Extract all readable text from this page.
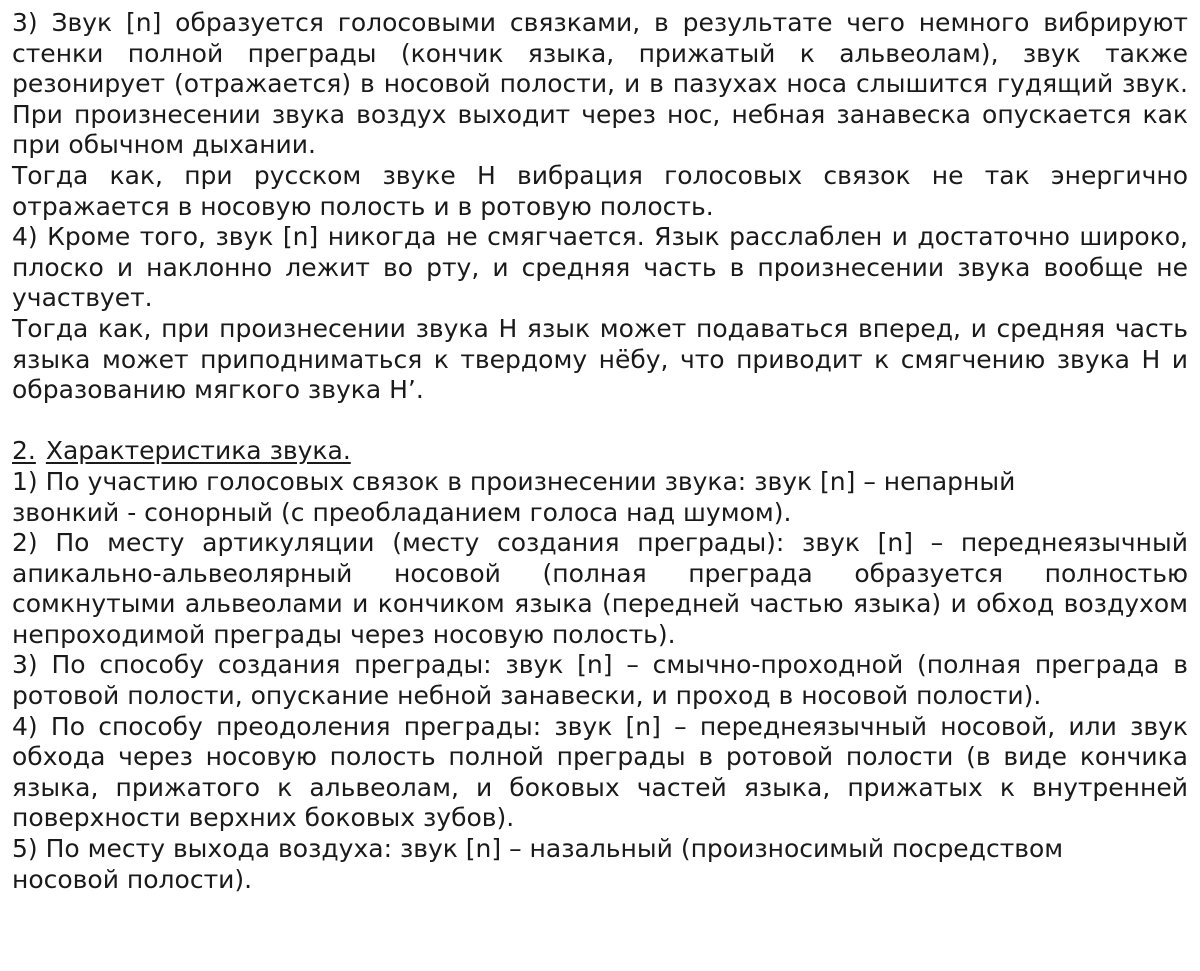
3) Звук [n] образуется голосовыми связками, в результате чего немного вибрируют стенки полной преграды (кончик языка, прижатый к альвеолам), звук также резонирует (отражается) в носовой полости, и в пазухах носа слышится гудящий звук. При произнесении звука воздух выходит через нос, небная занавеска опускается как при обычном дыхании.

Тогда как, при русском звуке Н вибрация голосовых связок не так энергично отражается в носовую полость и в ротовую полость.

4) Кроме того, звук [n] никогда не смягчается. Язык расслаблен и достаточно широко, плоско и наклонно лежит во рту, и средняя часть в произнесении звука вообще не участвует.

Тогда как, при произнесении звука Н язык может подаваться вперед, и средняя часть языка может приподниматься к твердому нёбу, что приводит к смягчению звука Н и образованию мягкого звука Н’.

2. Характеристика звука.

1) По участию голосовых связок в произнесении звука: звук [n] – непарный звонкий - сонорный (с преобладанием голоса над шумом).

2) По месту артикуляции (месту создания преграды): звук [n] – переднеязычный апикально-альвеолярный носовой (полная преграда образуется полностью сомкнутыми альвеолами и кончиком языка (передней частью языка) и обход воздухом непроходимой преграды через носовую полость).

3) По способу создания преграды: звук [n] – смычно-проходной (полная преграда в ротовой полости, опускание небной занавески, и проход в носовой полости).

4) По способу преодоления преграды: звук [n] – переднеязычный носовой, или звук обхода через носовую полость полной преграды в ротовой полости (в виде кончика языка, прижатого к альвеолам, и боковых частей языка, прижатых к внутренней поверхности верхних боковых зубов).

5) По месту выхода воздуха: звук [n] – назальный (произносимый посредством носовой полости).
